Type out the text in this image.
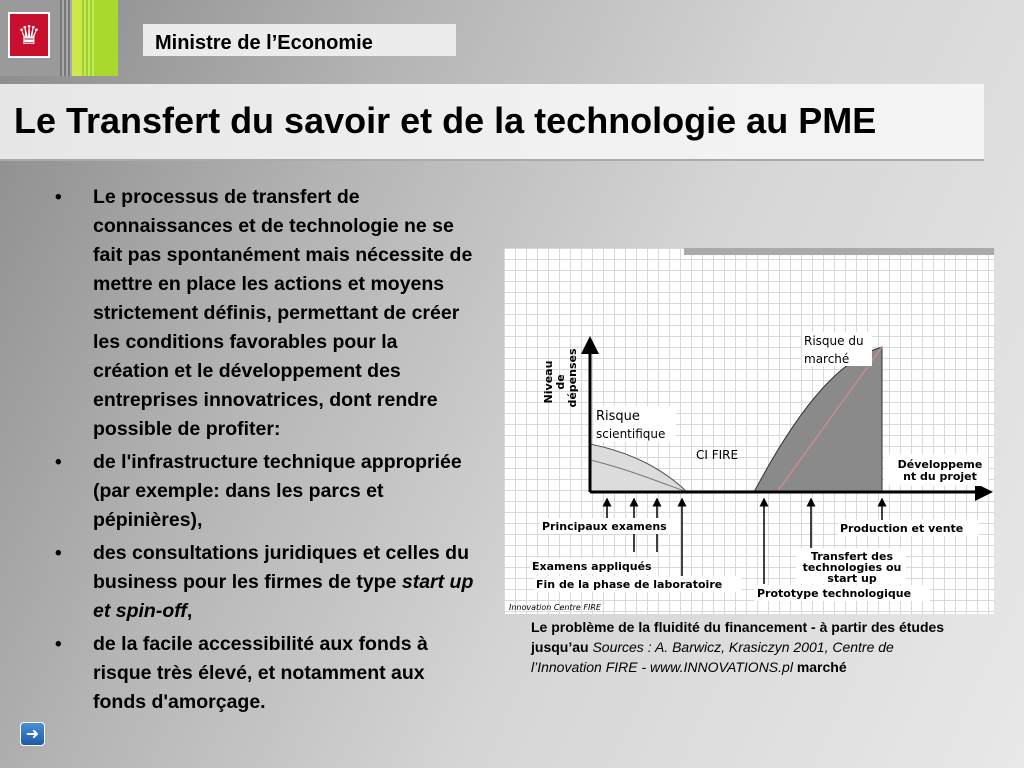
♛	Ministre de l’Economie
Le Transfert du savoir et de la technologie au PME
• Le processus de transfert de connaissances et de technologie ne se fait pas spontanément mais nécessite de mettre en place les actions et moyens strictement définis, permettant de créer les conditions favorables pour la création et le développement des entreprises innovatrices, dont rendre possible de profiter:
• de l'infrastructure technique appropriée (par exemple: dans les parcs et pépinières),
• des consultations juridiques et celles du business pour les firmes de type start up et spin-off,
• de la facile accessibilité aux fonds à risque très élevé, et notamment aux fonds d'amorçage.
Niveau de dépenses
Risque
scientifique
Risque du
marché
CI FIRE
Développeme
nt du projet
Principaux examens	Production et vente
Examens appliqués
Fin de la phase de laboratoire
Transfert des
technologies ou
start up
Prototype technologique
Innovation Centre FIRE
Le problème de la fluidité du financement - à partir des études jusqu’au Sources : A. Barwicz, Krasiczyn 2001, Centre de l’Innovation FIRE - www.INNOVATIONS.pl marché
➜
